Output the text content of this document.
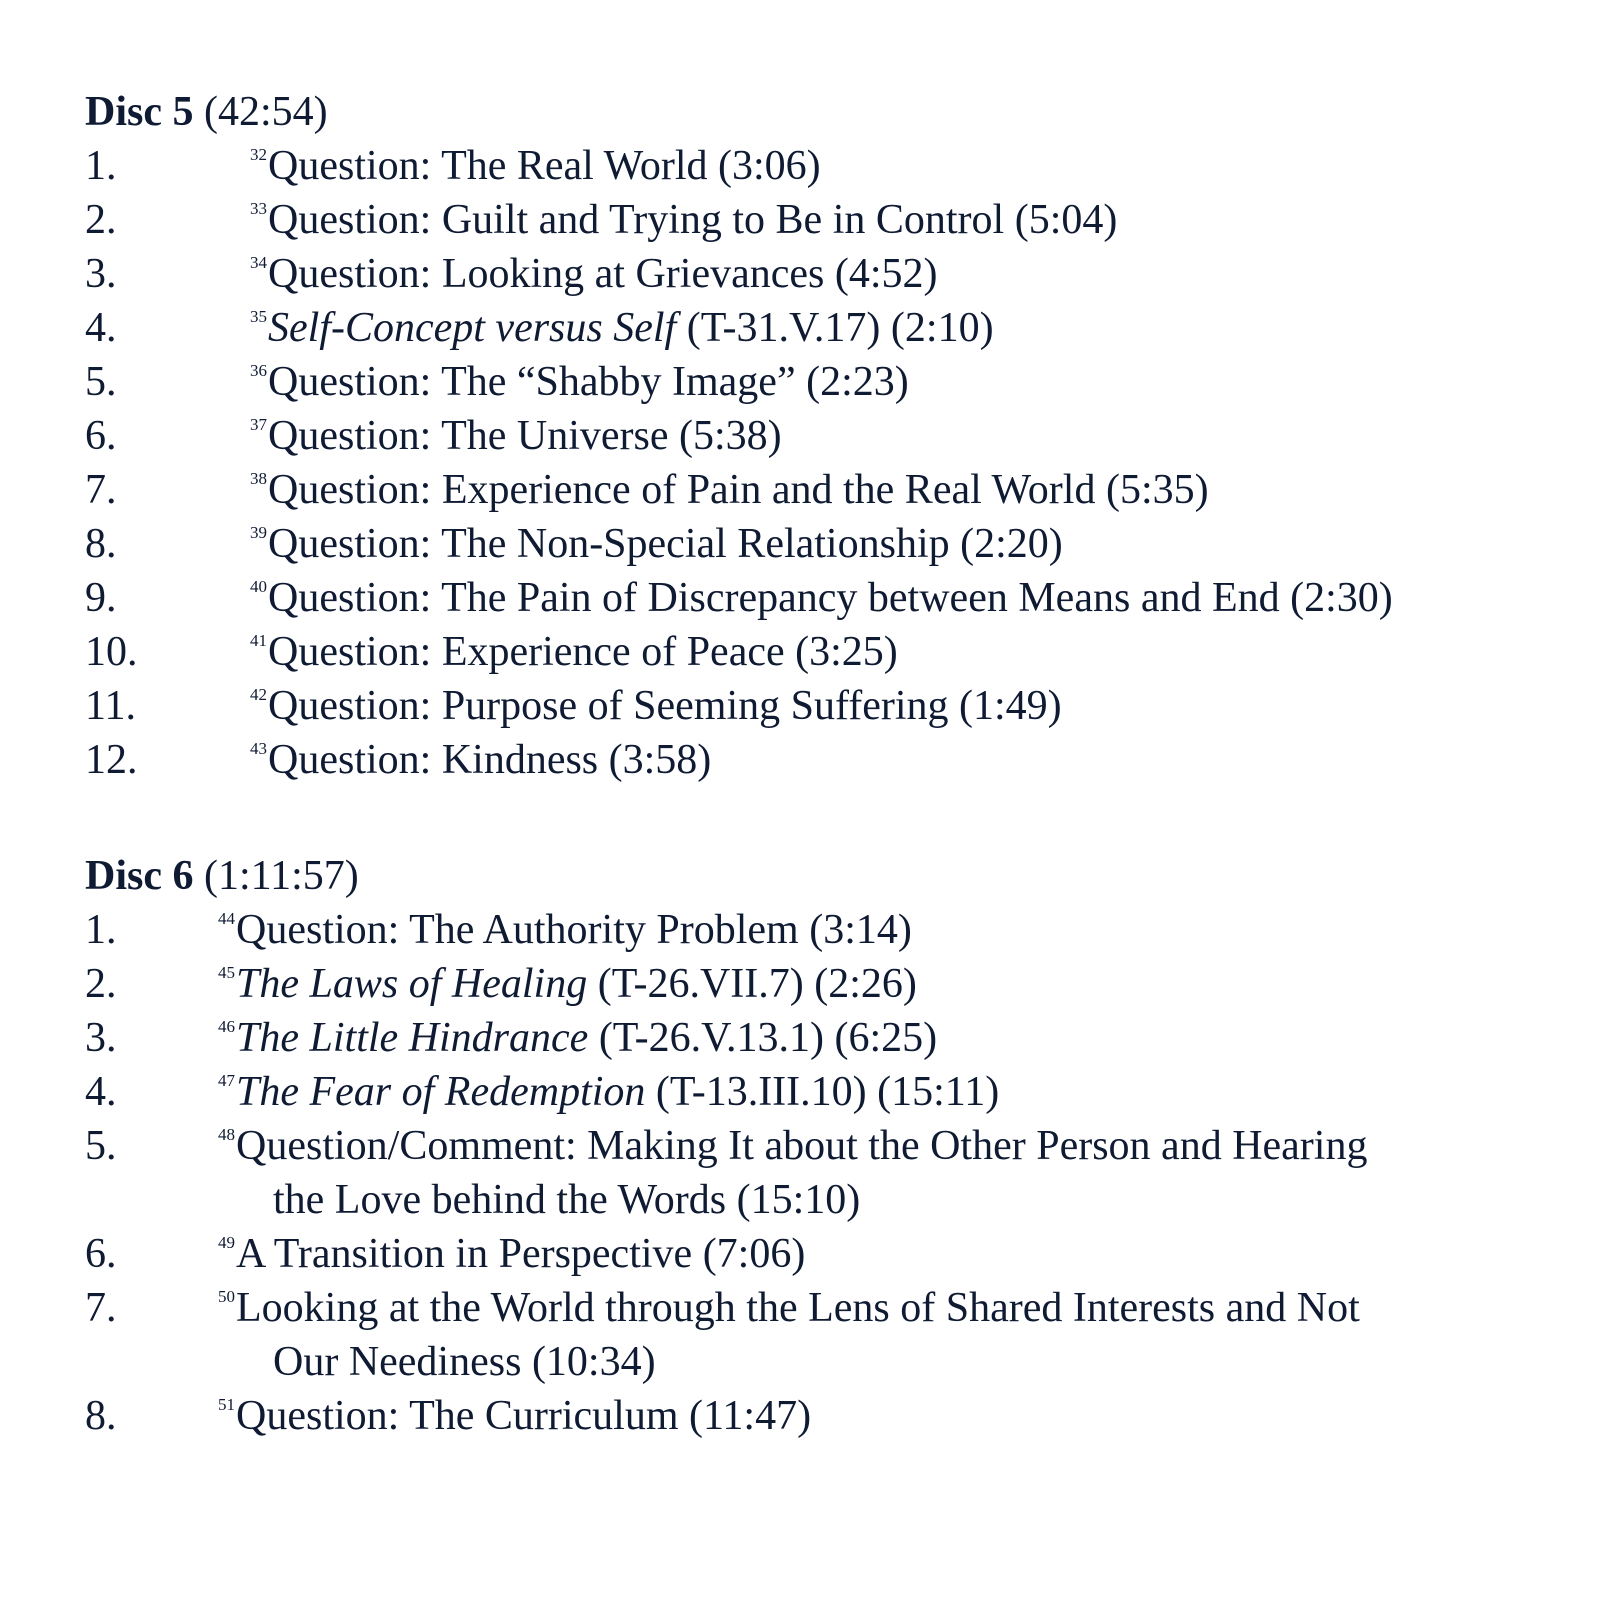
Disc 5 (42:54)
1.	$^{32}$Question: The Real World (3:06)
2.	$^{33}$Question: Guilt and Trying to Be in Control (5:04)
3.	$^{34}$Question: Looking at Grievances (4:52)
4.	$^{35}$Self-Concept versus Self (T-31.V.17) (2:10)
5.	$^{36}$Question: The “Shabby Image” (2:23)
6.	$^{37}$Question: The Universe (5:38)
7.	$^{38}$Question: Experience of Pain and the Real World (5:35)
8.	$^{39}$Question: The Non-Special Relationship (2:20)
9.	$^{40}$Question: The Pain of Discrepancy between Means and End (2:30)
10.	$^{41}$Question: Experience of Peace (3:25)
11.	$^{42}$Question: Purpose of Seeming Suffering (1:49)
12.	$^{43}$Question: Kindness (3:58)
Disc 6 (1:11:57)
1.	$^{44}$Question: The Authority Problem (3:14)
2.	$^{45}$The Laws of Healing (T-26.VII.7) (2:26)
3.	$^{46}$The Little Hindrance (T-26.V.13.1) (6:25)
4.	$^{47}$The Fear of Redemption (T-13.III.10) (15:11)
5.	$^{48}$Question/Comment: Making It about the Other Person and Hearing
the Love behind the Words (15:10)
6.	$^{49}$A Transition in Perspective (7:06)
7.	$^{50}$Looking at the World through the Lens of Shared Interests and Not
Our Neediness (10:34)
8.	$^{51}$Question: The Curriculum (11:47)
